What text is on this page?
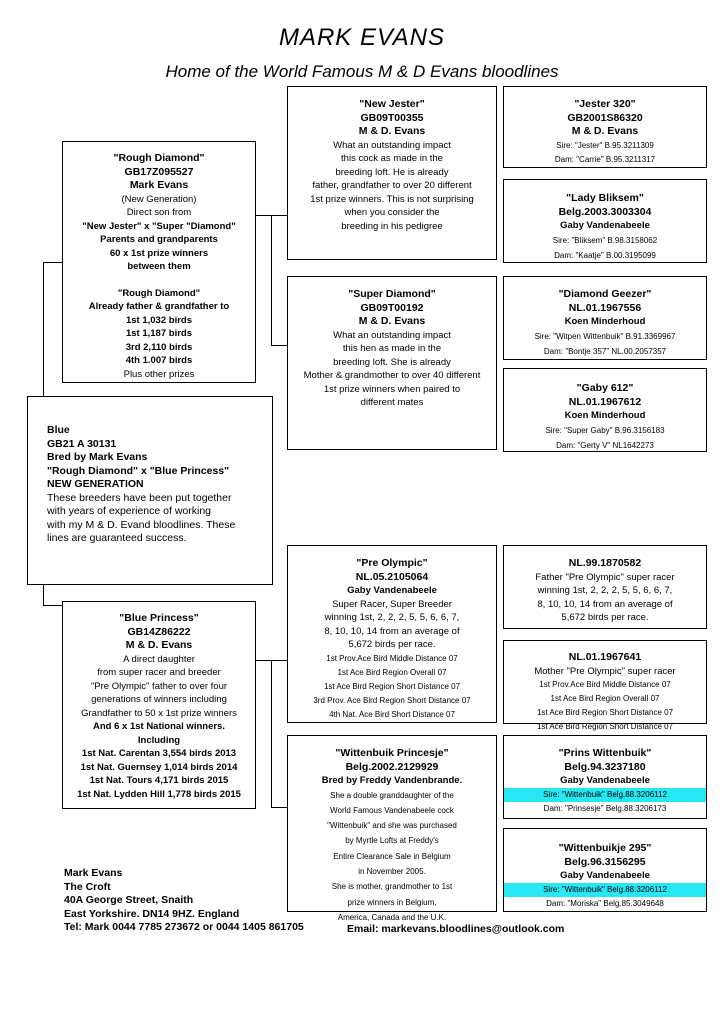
MARK EVANS
Home of the World Famous M & D Evans bloodlines
"Rough Diamond"
GB17Z095527
Mark Evans
(New Generation)
Direct son from
"New Jester" x "Super "Diamond"
Parents and grandparents
60 x 1st prize winners
between them
"Rough Diamond"
Already father & grandfather to
1st 1,032 birds
1st 1,187 birds
3rd 2,110 birds
4th 1.007 birds
Plus other prizes
Blue
GB21 A 30131
Bred by Mark Evans
"Rough Diamond" x "Blue Princess"
NEW GENERATION
These breeders have been put together
with years of experience of working
with my M & D. Evand bloodlines. These
lines are guaranteed success.
"Blue Princess"
GB14Z86222
M & D. Evans
A direct daughter
from super racer and breeder
"Pre Olympic" father to over four
generations of winners including
Grandfather to 50 x 1st prize winners
And 6 x 1st National winners.
Including
1st Nat. Carentan 3,554 birds 2013
1st Nat. Guernsey 1,014 birds 2014
1st Nat. Tours 4,171 birds 2015
1st Nat. Lydden Hill 1,778 birds 2015
"New Jester"
GB09T00355
M & D. Evans
What an outstanding impact
this cock as made in the
breeding loft. He is already
father, grandfather to over 20 different
1st prize winners. This is not surprising
when you consider the
breeding in his pedigree
"Super Diamond"
GB09T00192
M & D. Evans
What an outstanding impact
this hen as made in the
breeding loft. She is already
Mother & grandmother to over 40 different
1st prize winners when paired to
different mates
"Pre Olympic"
NL.05.2105064
Gaby Vandenabeele
Super Racer, Super Breeder
winning 1st, 2, 2, 2, 5, 5, 6, 6, 7,
8, 10, 10, 14 from an average of
5,672 birds per race.
1st Prov.Ace Bird Middle Distance 07
1st Ace Bird Region Overall 07
1st Ace Bird Region Short Distance 07
3rd Prov. Ace Bird Region Short Distance 07
4th Nat. Ace Bird Short Distance 07
"Wittenbuik Princesje"
Belg.2002.2129929
Bred by Freddy Vandenbrande.
She a double granddaughter of the
World Famous Vandenabeele cock
"Wittenbuik" and she was purchased
by Myrtle Lofts at Freddy's
Entire Clearance Sale in Belgium
in November 2005.
She is mother, grandmother to 1st
prize winners in Belgium,
America, Canada and the U.K.
"Jester 320"
GB2001S86320
M & D. Evans
Sire: "Jester" B.95.3211309
Dam: "Carrie" B.95.3211317
"Lady Bliksem"
Belg.2003.3003304
Gaby Vandenabeele
Sire: "Bliksem" B.98.3158062
Dam: "Kaatje" B.00.3195099
"Diamond Geezer"
NL.01.1967556
Koen Minderhoud
Sire: "Witpen Wittenbuik" B.91.3369967
Dam: "Bontje 357" NL.00.2057357
"Gaby 612"
NL.01.1967612
Koen Minderhoud
Sire: "Super Gaby" B.96.3156183
Dam: "Gerty V" NL1642273
NL.99.1870582
Father "Pre Olympic" super racer
winning 1st, 2, 2, 2, 5, 5, 6, 6, 7,
8, 10, 10, 14 from an average of
5,672 birds per race.
NL.01.1967641
Mother "Pre Olympic" super racer
1st Prov.Ace Bird Middle Distance 07
1st Ace Bird Region Overall 07
1st Ace Bird Region Short Distance 07
1st Ace Bird Region Short Distance 07
"Prins Wittenbuik"
Belg.94.3237180
Gaby Vandenabeele
Sire: "Wittenbuik" Belg.88.3206112
Dam: "Prinsesje" Belg.88.3206173
"Wittenbuikje 295"
Belg.96.3156295
Gaby Vandenabeele
Sire: "Wittenbuik" Belg.88.3206112
Dam: "Moriska" Belg.85.3049648
Mark Evans
The Croft
40A George Street, Snaith
East Yorkshire. DN14 9HZ. England
Tel: Mark 0044 7785 273672 or 0044 1405 861705	Email: markevans.bloodlines@outlook.com
